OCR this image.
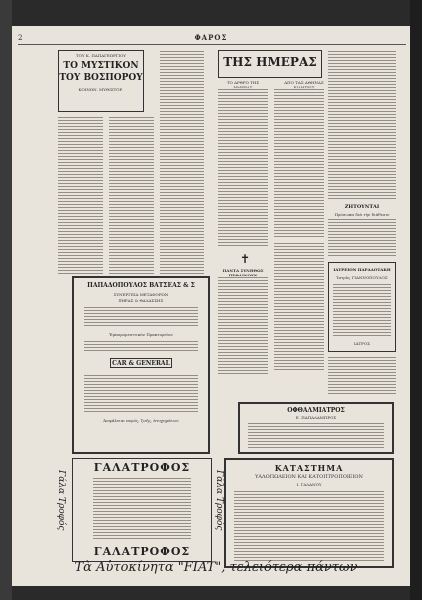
2	ΦΑΡΟΣ
ΤΟΥ Κ. ΠΑΠΑΓΕΩΡΓΙΟΥ
ΤΟ ΜΥΣΤΙΚΟΝ
ΤΟΥ ΒΟΣΠΟΡΟΥ
ΚΟΙΝΩΝ. ΜΥΘΙΣΤΟΡ.
ΠΑΠΑΔΟΠΟΥΛΟΣ ΒΑΤΣΕΑΣ & Σ
ΣΥΝΕΡΓΕΙΑ ΜΕΤΑΦΟΡΩΝ
ΞΗΡΑΣ & ΘΑΛΑΣΣΗΣ
Ἐμπορομεσιτικὸν Πρακτορεῖον
CAR & GENERAL
Ἀσφάλειαι πυρός, ζωῆς, ἀτυχημάτων
ΓΑΛΑΤΡΟΦΟΣ
ΓΑΛΑΤΡΟΦΟΣ
Γάλα Τροφός	Γάλα Τροφός
ΤΗΣ ΗΜΕΡΑΣ
ΤΟ ΑΡΘΡΟ ΤΗΣ	ΑΠΟ ΤΑΣ ΑΘΗΝΑΣ
✝
ΠΑΝΤΑ ΣΥΝΗΘΩΣ
ΖΗΤΟΥΝΤΑΙ
Πρόσωπα διὰ τὴν διάθεσιν
ΙΑΤΡΕΙΟΝ ΠΑΡΑΔΟΤΑΚΗ
Ἰατρὸς ΓΙΑΝΝΟΠΟΥΛΟΣ
ΙΑΤΡΟΣ
ΟΦΘΑΛΜΙΑΤΡΟΣ
Ε. ΠΑΠΑΛΑΜΠΡΟΣ
ΚΑΤΑΣΤΗΜΑ
ΥΑΛΟΠΩΛΕΙΟΝ ΚΑΙ ΚΑΤΟΠΤΡΟΠΟΙΕΙΟΝ
Ι. ΓΑΛΑΝΟΥ
Τὰ Αὐτοκίνητα "FIAT", τελειότερα πάντων
